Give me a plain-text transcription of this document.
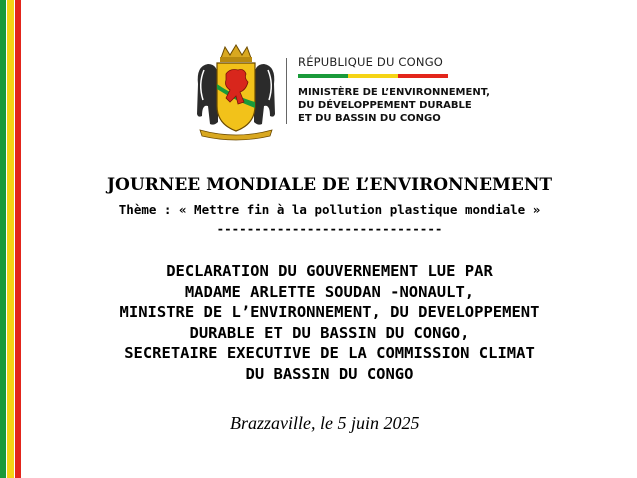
RÉPUBLIQUE DU CONGO
MINISTÈRE DE L’ENVIRONNEMENT,
DU DÉVELOPPEMENT DURABLE
ET DU BASSIN DU CONGO
JOURNEE MONDIALE DE L’ENVIRONNEMENT
Thème : « Mettre fin à la pollution plastique mondiale »
------------------------------
DECLARATION DU GOUVERNEMENT LUE PAR
MADAME ARLETTE SOUDAN -NONAULT,
MINISTRE DE L’ENVIRONNEMENT, DU DEVELOPPEMENT
DURABLE ET DU BASSIN DU CONGO,
SECRETAIRE EXECUTIVE DE LA COMMISSION CLIMAT
DU BASSIN DU CONGO
Brazzaville, le 5 juin 2025
